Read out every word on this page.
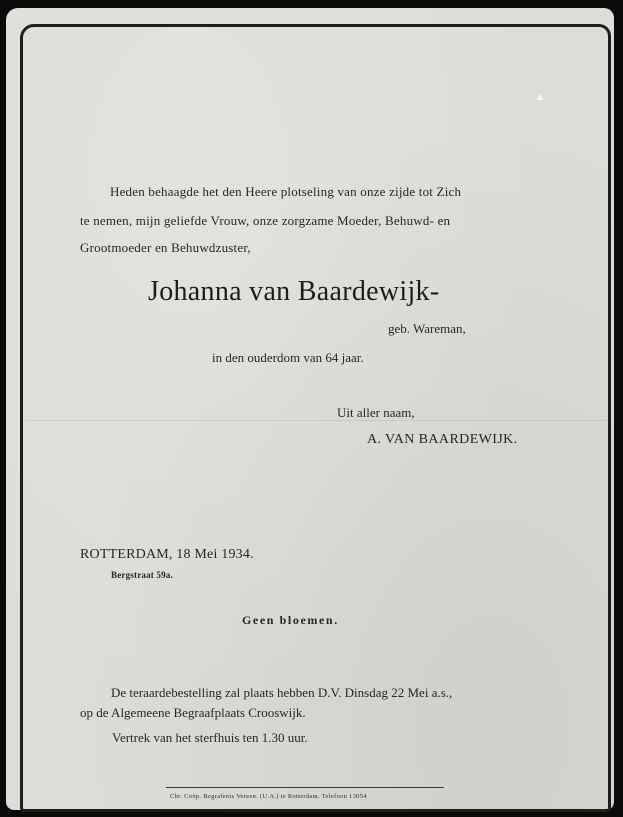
Heden behaagde het den Heere plotseling van onze zijde tot Zich

te nemen, mijn geliefde Vrouw, onze zorgzame Moeder, Behuwd- en

Grootmoeder en Behuwdzuster,

Johanna van Baardewijk-

geb. Wareman,

in den ouderdom van 64 jaar.

Uit aller naam,

A. VAN BAARDEWIJK.

ROTTERDAM, 18 Mei 1934.

Bergstraat 59a.

Geen bloemen.

De teraardebestelling zal plaats hebben D.V. Dinsdag 22 Mei a.s.,

op de Algemeene Begraafplaats Crooswijk.

Vertrek van het sterfhuis ten 1.30 uur.

Chr. Coöp. Begrafenis Vereen. (U.A.) te Rotterdam. Telefoon 13054
